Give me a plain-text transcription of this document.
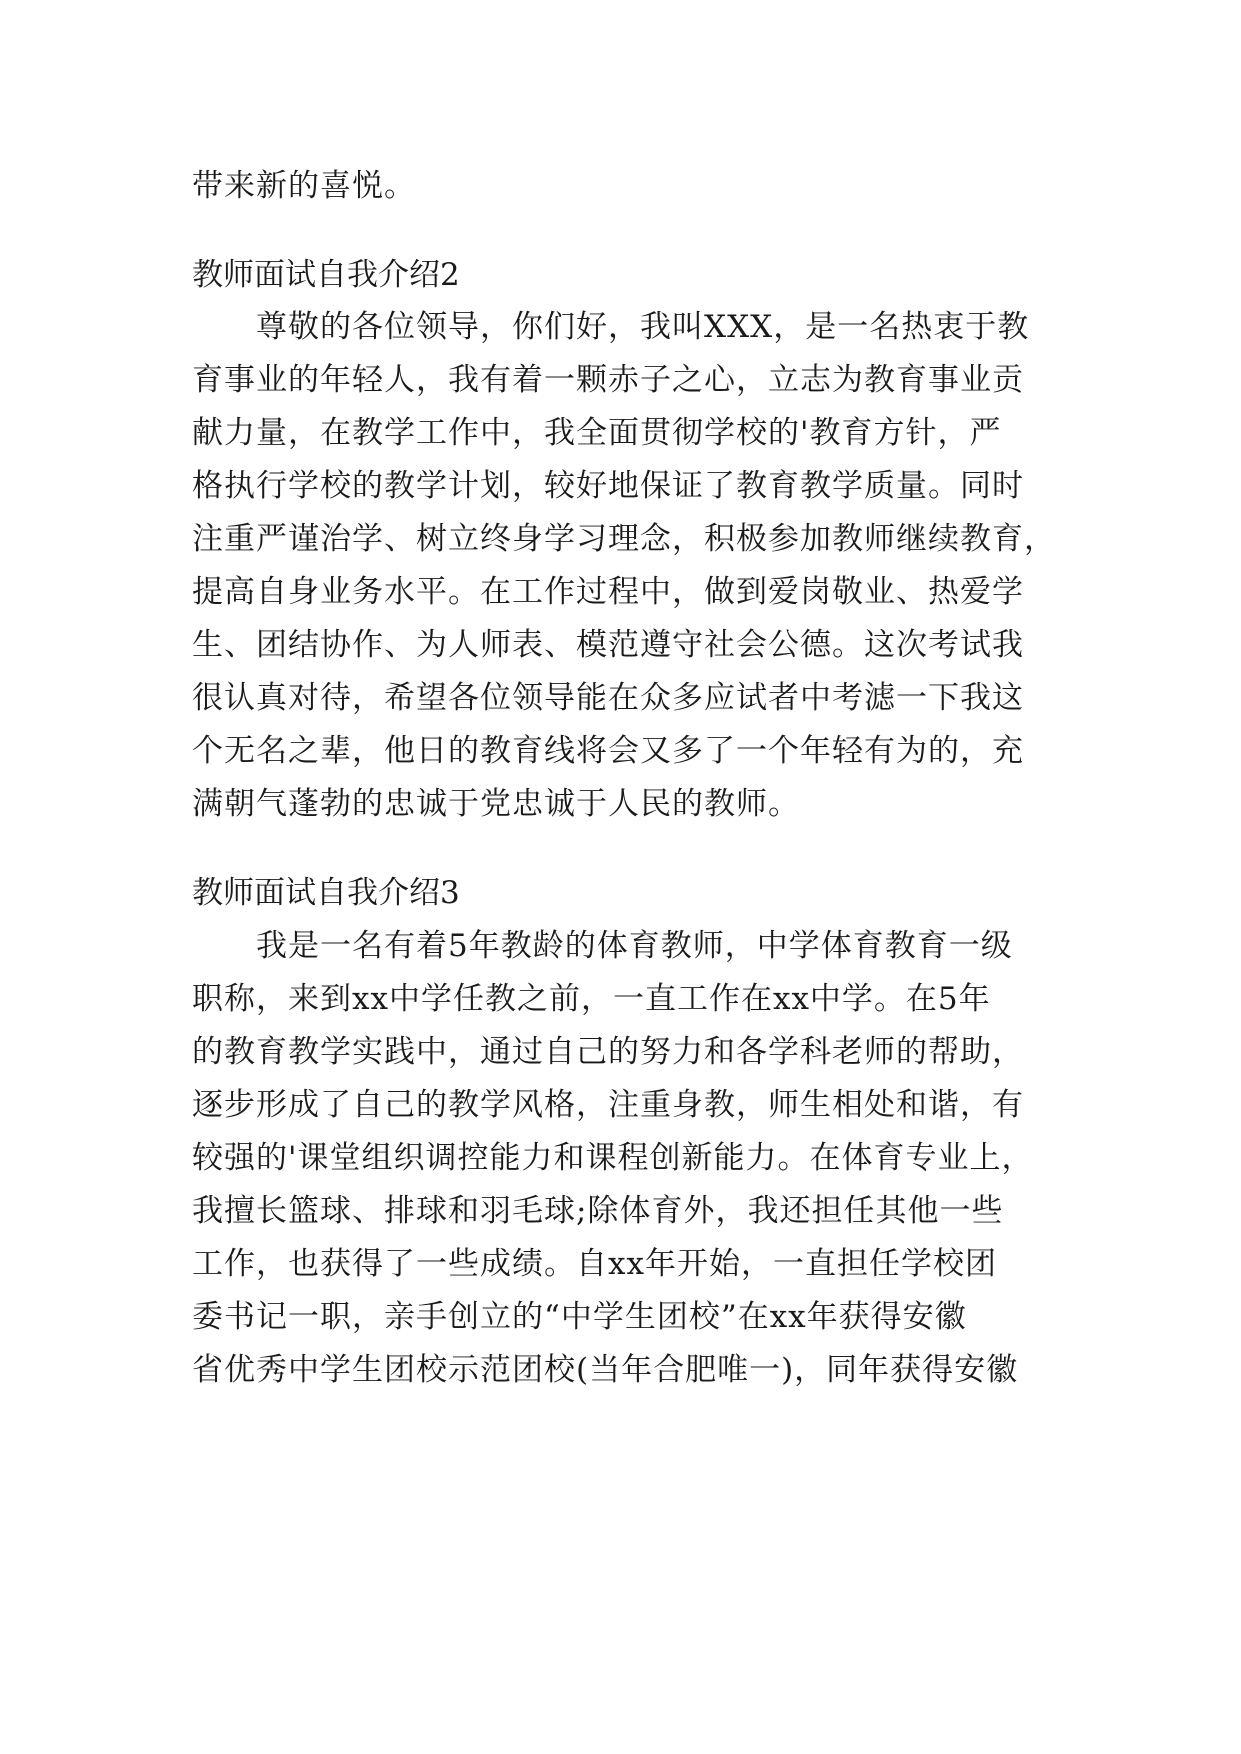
带来新的喜悦。
教师面试自我介绍2
尊敬的各位领导，你们好，我叫XXX，是一名热衷于教
育事业的年轻人，我有着一颗赤子之心，立志为教育事业贡
献力量，在教学工作中，我全面贯彻学校的'教育方针，严
格执行学校的教学计划，较好地保证了教育教学质量。同时
注重严谨治学、树立终身学习理念，积极参加教师继续教育，
提高自身业务水平。在工作过程中，做到爱岗敬业、热爱学
生、团结协作、为人师表、模范遵守社会公德。这次考试我
很认真对待，希望各位领导能在众多应试者中考滤一下我这
个无名之辈，他日的教育线将会又多了一个年轻有为的，充
满朝气蓬勃的忠诚于党忠诚于人民的教师。
教师面试自我介绍3
我是一名有着5年教龄的体育教师，中学体育教育一级
职称，来到xx中学任教之前，一直工作在xx中学。在5年
的教育教学实践中，通过自己的努力和各学科老师的帮助，
逐步形成了自己的教学风格，注重身教，师生相处和谐，有
较强的'课堂组织调控能力和课程创新能力。在体育专业上，
我擅长篮球、排球和羽毛球;除体育外，我还担任其他一些
工作，也获得了一些成绩。自xx年开始，一直担任学校团
委书记一职，亲手创立的“中学生团校”在xx年获得安徽
省优秀中学生团校示范团校(当年合肥唯一)，同年获得安徽
